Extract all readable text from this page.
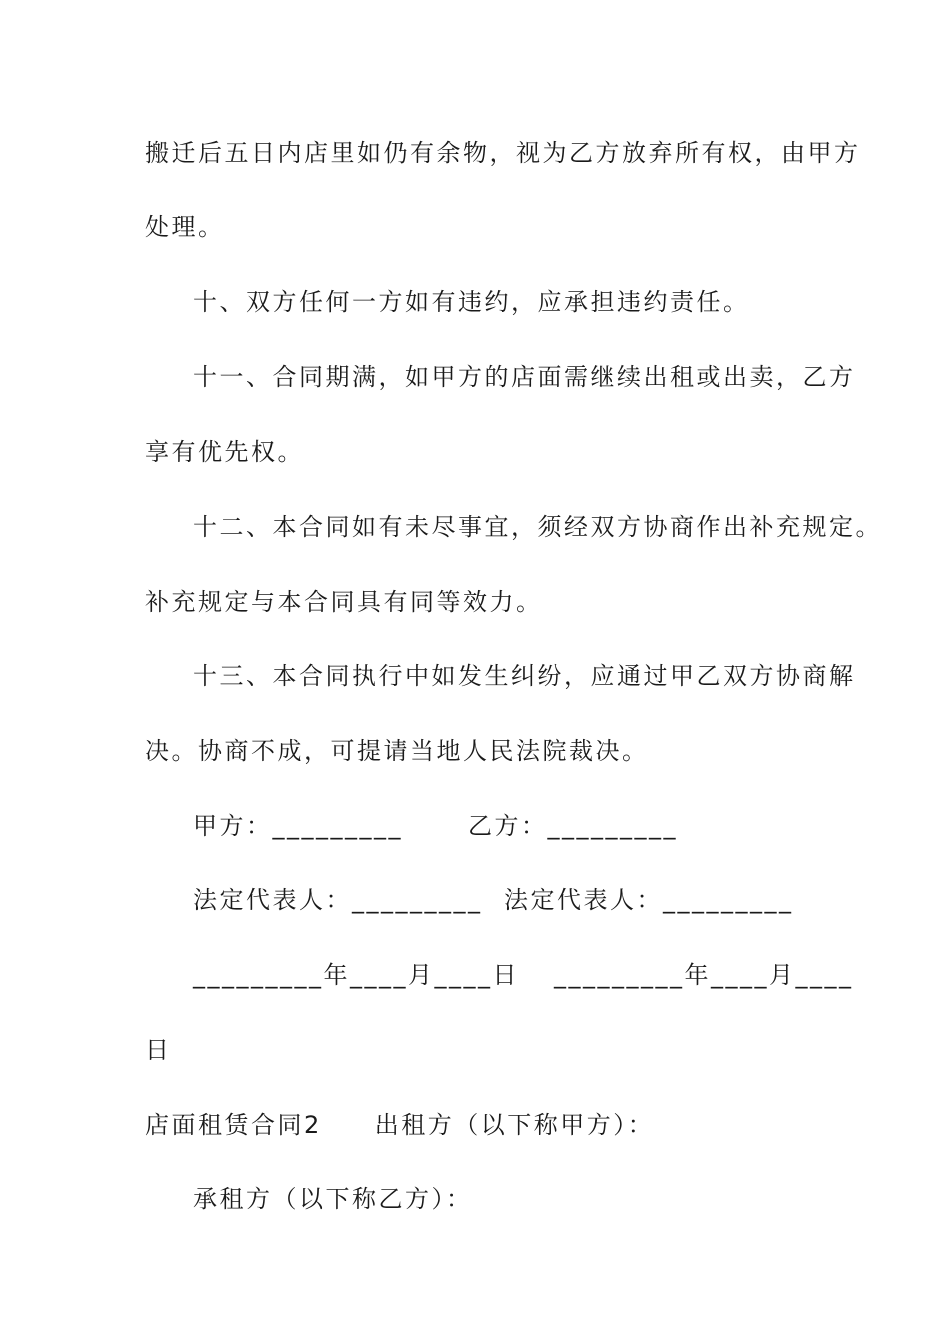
搬迁后五日内店里如仍有余物，视为乙方放弃所有权，由甲方
处理。
十、双方任何一方如有违约，应承担违约责任。
十一、合同期满，如甲方的店面需继续出租或出卖，乙方
享有优先权。
十二、本合同如有未尽事宜，须经双方协商作出补充规定。
补充规定与本合同具有同等效力。
十三、本合同执行中如发生纠纷，应通过甲乙双方协商解
决。协商不成，可提请当地人民法院裁决。
甲方：_________	乙方：_________
法定代表人：_________ 法定代表人：_________
_________年____月____日 _________年____月____
日
店面租赁合同2　　出租方（以下称甲方）：
承租方（以下称乙方）：
